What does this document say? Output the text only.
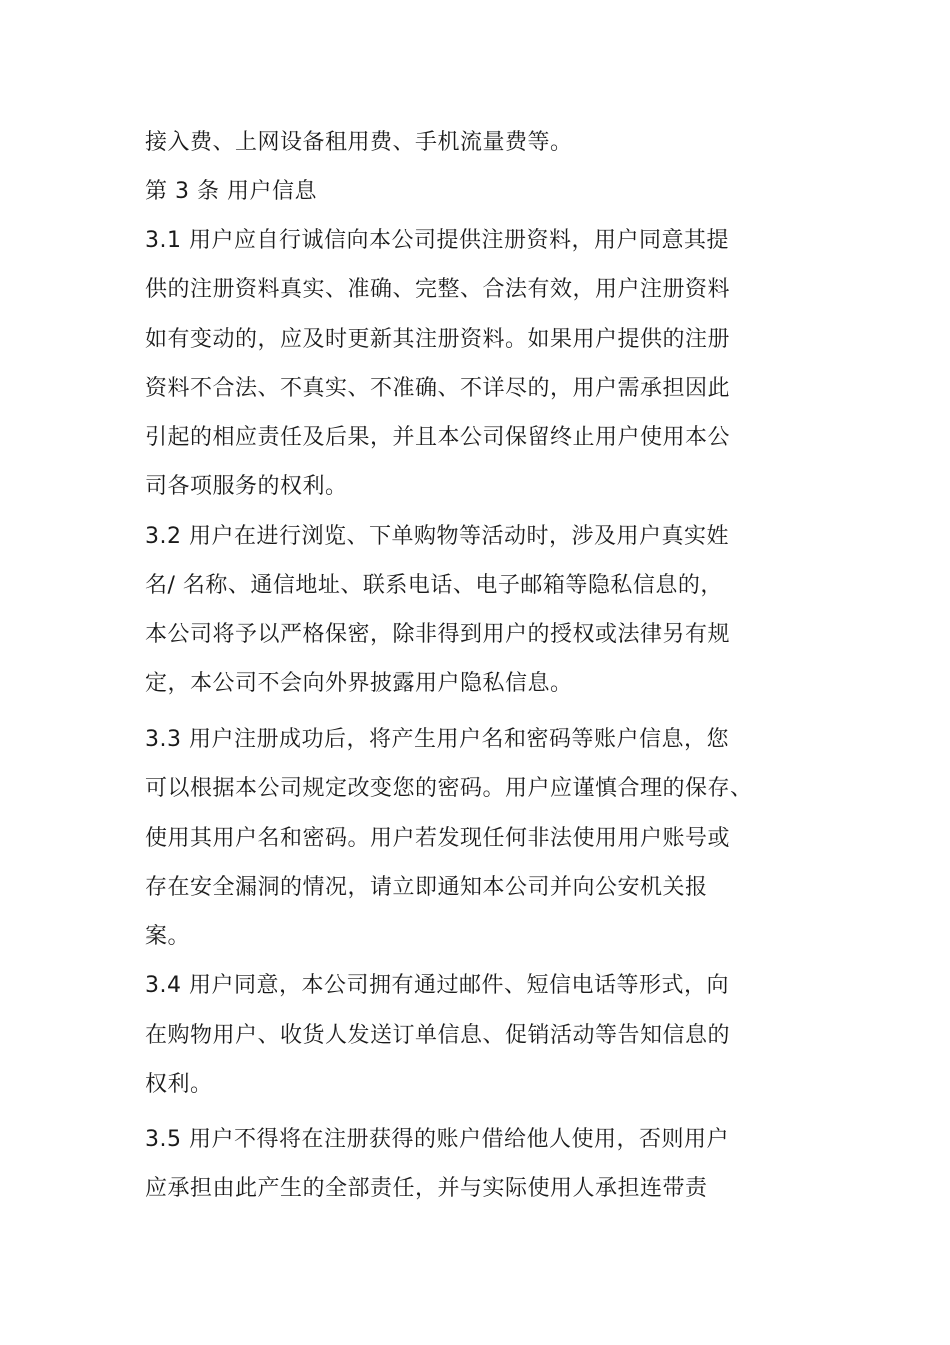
接入费、上网设备租用费、手机流量费等。

第 3 条 用户信息

3.1 用户应自行诚信向本公司提供注册资料，用户同意其提

供的注册资料真实、准确、完整、合法有效，用户注册资料

如有变动的，应及时更新其注册资料。如果用户提供的注册

资料不合法、不真实、不准确、不详尽的，用户需承担因此

引起的相应责任及后果，并且本公司保留终止用户使用本公

司各项服务的权利。

3.2 用户在进行浏览、下单购物等活动时，涉及用户真实姓

名/ 名称、通信地址、联系电话、电子邮箱等隐私信息的，

本公司将予以严格保密，除非得到用户的授权或法律另有规

定，本公司不会向外界披露用户隐私信息。

3.3 用户注册成功后，将产生用户名和密码等账户信息，您

可以根据本公司规定改变您的密码。用户应谨慎合理的保存、

使用其用户名和密码。用户若发现任何非法使用用户账号或

存在安全漏洞的情况，请立即通知本公司并向公安机关报

案。

3.4 用户同意，本公司拥有通过邮件、短信电话等形式，向

在购物用户、收货人发送订单信息、促销活动等告知信息的

权利。

3.5 用户不得将在注册获得的账户借给他人使用，否则用户

应承担由此产生的全部责任，并与实际使用人承担连带责
